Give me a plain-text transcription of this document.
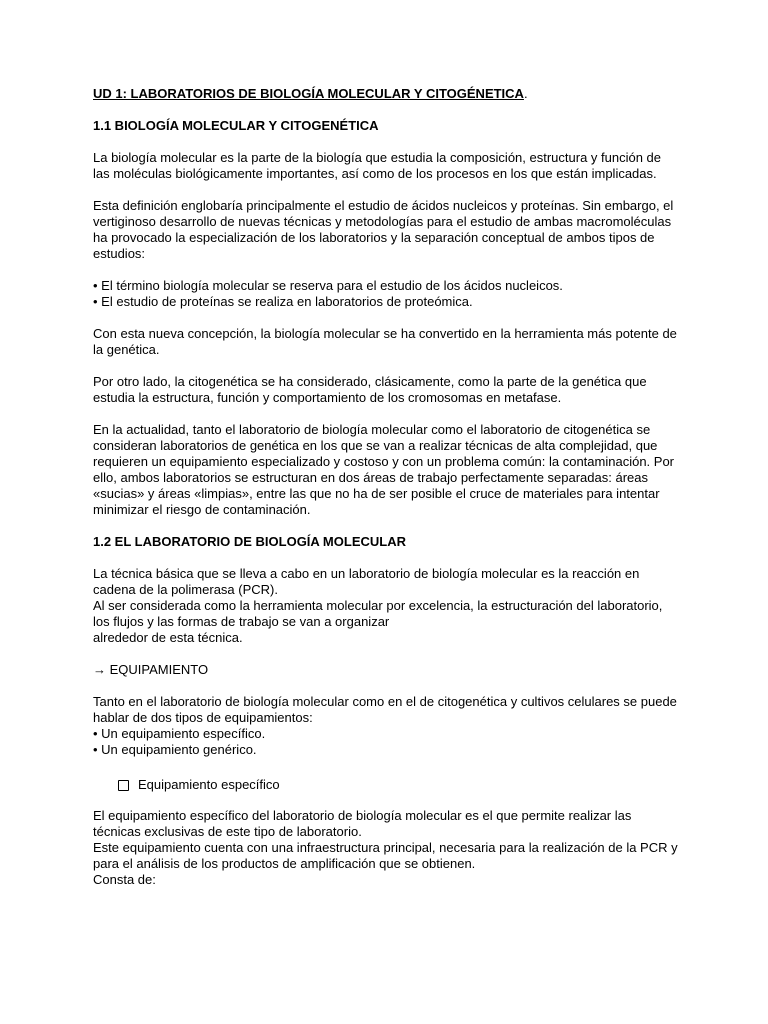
UD 1: LABORATORIOS DE BIOLOGÍA MOLECULAR Y CITOGÉNETICA.

1.1 BIOLOGÍA MOLECULAR Y CITOGENÉTICA

La biología molecular es la parte de la biología que estudia la composición, estructura y función de

las moléculas biológicamente importantes, así como de los procesos en los que están implicadas.

Esta definición englobaría principalmente el estudio de ácidos nucleicos y proteínas. Sin embargo, el

vertiginoso desarrollo de nuevas técnicas y metodologías para el estudio de ambas macromoléculas

ha provocado la especialización de los laboratorios y la separación conceptual de ambos tipos de

estudios:

• El término biología molecular se reserva para el estudio de los ácidos nucleicos.

• El estudio de proteínas se realiza en laboratorios de proteómica.

Con esta nueva concepción, la biología molecular se ha convertido en la herramienta más potente de

la genética.

Por otro lado, la citogenética se ha considerado, clásicamente, como la parte de la genética que

estudia la estructura, función y comportamiento de los cromosomas en metafase.

En la actualidad, tanto el laboratorio de biología molecular como el laboratorio de citogenética se

consideran laboratorios de genética en los que se van a realizar técnicas de alta complejidad, que

requieren un equipamiento especializado y costoso y con un problema común: la contaminación. Por

ello, ambos laboratorios se estructuran en dos áreas de trabajo perfectamente separadas: áreas

«sucias» y áreas «limpias», entre las que no ha de ser posible el cruce de materiales para intentar

minimizar el riesgo de contaminación.

1.2 EL LABORATORIO DE BIOLOGÍA MOLECULAR

La técnica básica que se lleva a cabo en un laboratorio de biología molecular es la reacción en

cadena de la polimerasa (PCR).

Al ser considerada como la herramienta molecular por excelencia, la estructuración del laboratorio,

los flujos y las formas de trabajo se van a organizar

alrededor de esta técnica.

→ EQUIPAMIENTO

Tanto en el laboratorio de biología molecular como en el de citogenética y cultivos celulares se puede

hablar de dos tipos de equipamientos:

• Un equipamiento específico.

• Un equipamiento genérico.

Equipamiento específico

El equipamiento específico del laboratorio de biología molecular es el que permite realizar las

técnicas exclusivas de este tipo de laboratorio.

Este equipamiento cuenta con una infraestructura principal, necesaria para la realización de la PCR y

para el análisis de los productos de amplificación que se obtienen.

Consta de:
